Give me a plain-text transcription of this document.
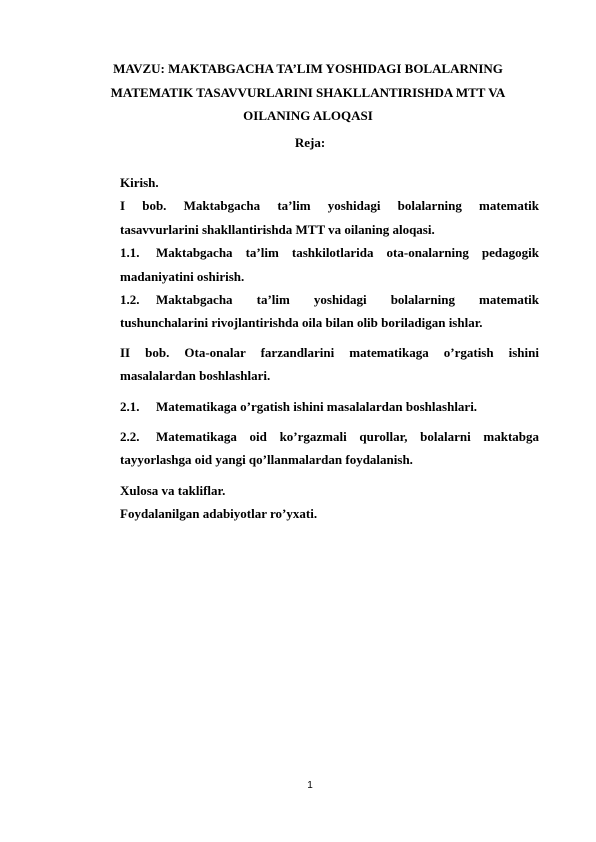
MAVZU: MAKTABGACHA TA’LIM YOSHIDAGI BOLALARNING
MATEMATIK TASAVVURLARINI SHAKLLANTIRISHDA MTT VA
OILANING ALOQASI
Reja:
Kirish.
I bob. Maktabgacha ta’lim yoshidagi bolalarning matematik
tasavvurlarini shakllantirishda MTT va oilaning aloqasi.
1.1. Maktabgacha ta’lim tashkilotlarida ota-onalarning pedagogik
madaniyatini oshirish.
1.2.	Maktabgacha ta’lim yoshidagi bolalarning matematik
tushunchalarini rivojlantirishda oila bilan olib boriladigan ishlar.
II bob. Ota-onalar farzandlarini matematikaga o’rgatish ishini
masalalardan boshlashlari.
2.1. Matematikaga o’rgatish ishini masalalardan boshlashlari.
2.2. Matematikaga oid ko’rgazmali qurollar, bolalarni maktabga
tayyorlashga oid yangi qo’llanmalardan foydalanish.
Xulosa va takliflar.
Foydalanilgan adabiyotlar ro’yxati.
1
